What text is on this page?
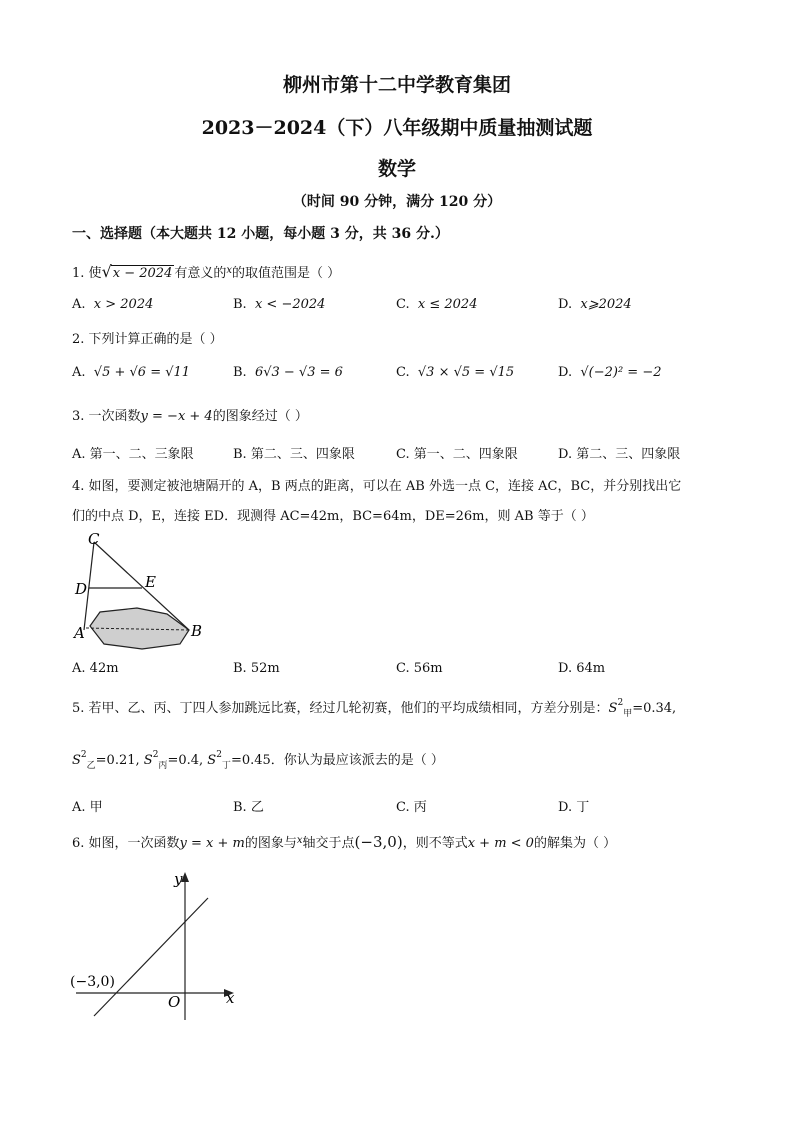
柳州市第十二中学教育集团
2023－2024（下）八年级期中质量抽测试题
数学
（时间 90 分钟，满分 120 分）
一、选择题（本大题共 12 小题，每小题 3 分，共 36 分.）
1. 使√x − 2024 有意义的$^x$的取值范围是（ ）
A. x > 2024	B. x < −2024	C. x ≤ 2024	D. x⩾2024
2. 下列计算正确的是（ ）
A. √5 + √6 = √11	B. 6√3 − √3 = 6	C. √3 × √5 = √15	D. √(−2)² = −2
3. 一次函数y = −x + 4的图象经过（ ）
A. 第一、二、三象限	B. 第二、三、四象限	C. 第一、二、四象限	D. 第二、三、四象限
4. 如图，要测定被池塘隔开的 A，B 两点的距离，可以在 AB 外选一点 C，连接 AC，BC，并分别找出它
们的中点 D，E，连接 ED．现测得 AC=42m，BC=64m，DE=26m，则 AB 等于（ ）
C
D	E
A	B
A. 42m	B. 52m	C. 56m	D. 64m
5. 若甲、乙、丙、丁四人参加跳远比赛，经过几轮初赛，他们的平均成绩相同，方差分别是：$S^2_甲=0.34$,
$S^2_乙=0.21$, $S^2_丙=0.4$, $S^2_丁=0.45$．你认为最应该派去的是（ ）
A. 甲	B. 乙	C. 丙	D. 丁
6. 如图，一次函数y = x + m的图象与$^x$轴交于点(−3,0)，则不等式x + m < 0的解集为（ ）
y
x
O
(−3,0)
